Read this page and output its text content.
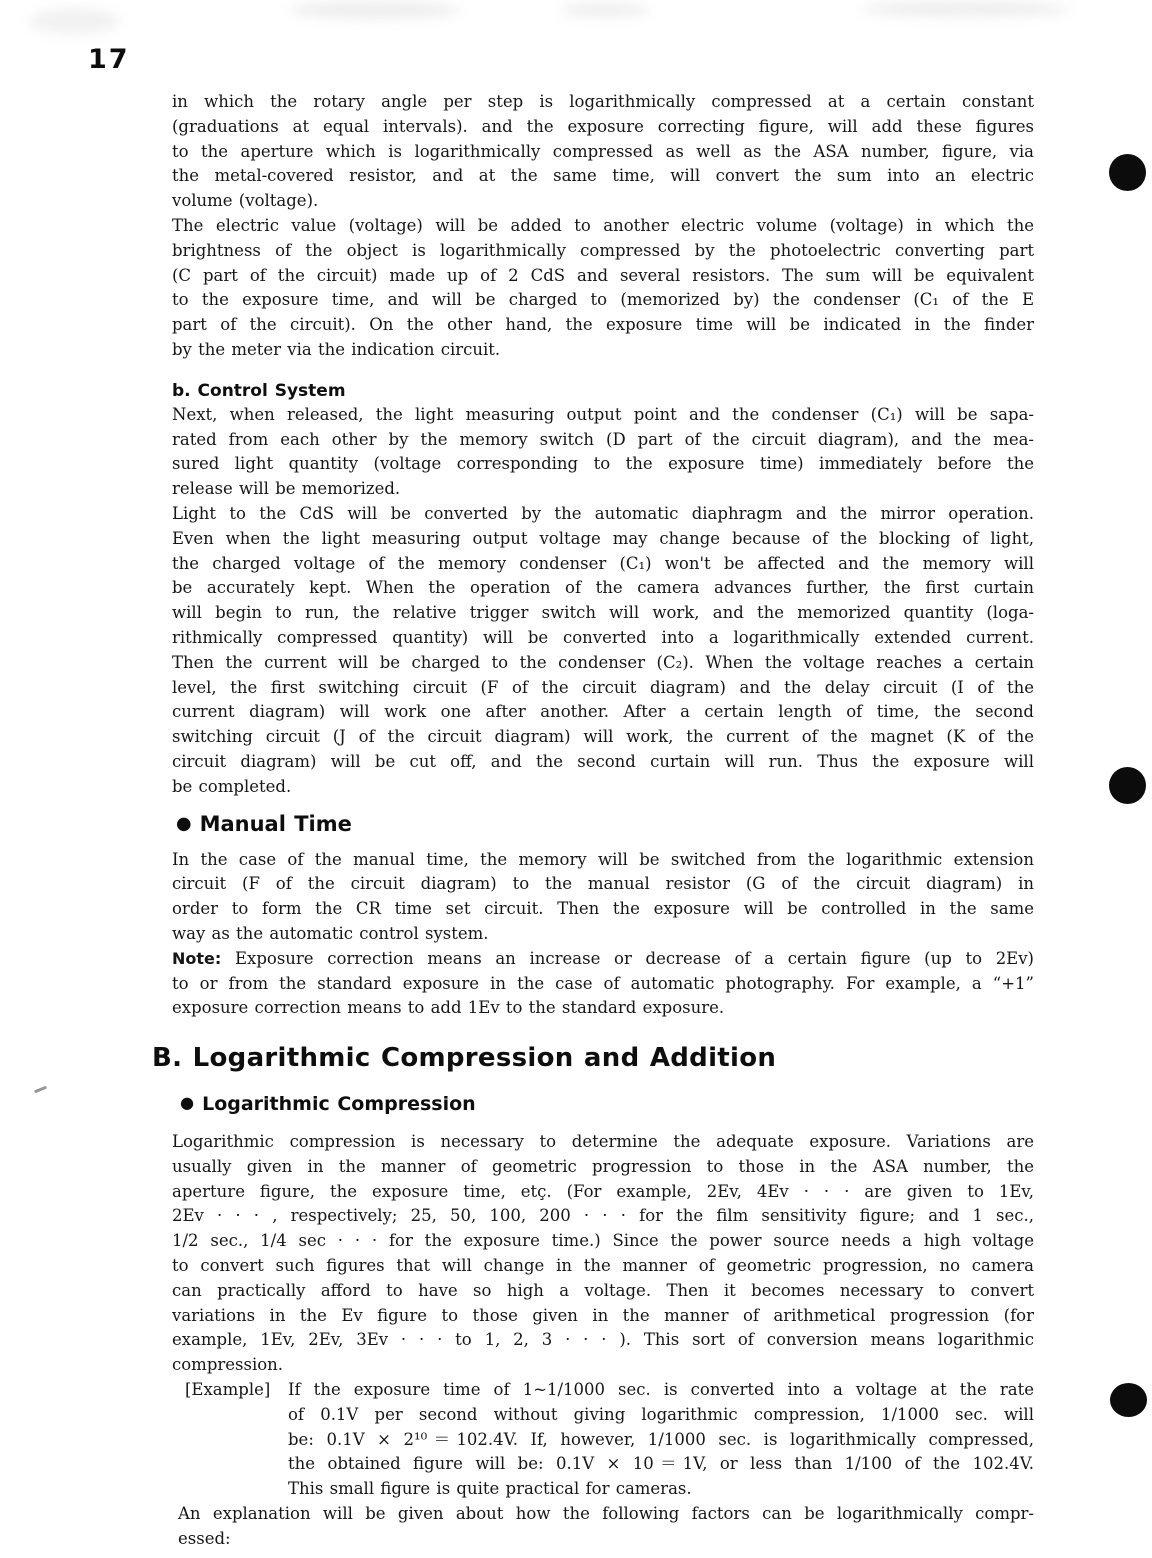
17
in which the rotary angle per step is logarithmically compressed at a certain constant
(graduations at equal intervals). and the exposure correcting figure, will add these figures
to the aperture which is logarithmically compressed as well as the ASA number, figure, via
the metal-covered resistor, and at the same time, will convert the sum into an electric
volume (voltage).
The electric value (voltage) will be added to another electric volume (voltage) in which the
brightness of the object is logarithmically compressed by the photoelectric converting part
(C part of the circuit) made up of 2 CdS and several resistors. The sum will be equivalent
to the exposure time, and will be charged to (memorized by) the condenser (C₁ of the E
part of the circuit). On the other hand, the exposure time will be indicated in the finder
by the meter via the indication circuit.
b. Control System
Next, when released, the light measuring output point and the condenser (C₁) will be sapa-
rated from each other by the memory switch (D part of the circuit diagram), and the mea-
sured light quantity (voltage corresponding to the exposure time) immediately before the
release will be memorized.
Light to the CdS will be converted by the automatic diaphragm and the mirror operation.
Even when the light measuring output voltage may change because of the blocking of light,
the charged voltage of the memory condenser (C₁) won't be affected and the memory will
be accurately kept. When the operation of the camera advances further, the first curtain
will begin to run, the relative trigger switch will work, and the memorized quantity (loga-
rithmically compressed quantity) will be converted into a logarithmically extended current.
Then the current will be charged to the condenser (C₂). When the voltage reaches a certain
level, the first switching circuit (F of the circuit diagram) and the delay circuit (I of the
current diagram) will work one after another. After a certain length of time, the second
switching circuit (J of the circuit diagram) will work, the current of the magnet (K of the
circuit diagram) will be cut off, and the second curtain will run. Thus the exposure will
be completed.
● Manual Time
In the case of the manual time, the memory will be switched from the logarithmic extension
circuit (F of the circuit diagram) to the manual resistor (G of the circuit diagram) in
order to form the CR time set circuit. Then the exposure will be controlled in the same
way as the automatic control system.
Note: Exposure correction means an increase or decrease of a certain figure (up to 2Ev)
to or from the standard exposure in the case of automatic photography. For example, a “+1”
exposure correction means to add 1Ev to the standard exposure.
B. Logarithmic Compression and Addition
● Logarithmic Compression
Logarithmic compression is necessary to determine the adequate exposure. Variations are
usually given in the manner of geometric progression to those in the ASA number, the
aperture figure, the exposure time, etç. (For example, 2Ev, 4Ev · · · are given to 1Ev,
2Ev · · · , respectively; 25, 50, 100, 200 · · · for the film sensitivity figure; and 1 sec.,
1/2 sec., 1/4 sec · · · for the exposure time.) Since the power source needs a high voltage
to convert such figures that will change in the manner of geometric progression, no camera
can practically afford to have so high a voltage. Then it becomes necessary to convert
variations in the Ev figure to those given in the manner of arithmetical progression (for
example, 1Ev, 2Ev, 3Ev · · · to 1, 2, 3 · · · ). This sort of conversion means logarithmic
compression.
[Example] If the exposure time of 1~1/1000 sec. is converted into a voltage at the rate
of 0.1V per second without giving logarithmic compression, 1/1000 sec. will
be: 0.1V × 2¹⁰＝102.4V. If, however, 1/1000 sec. is logarithmically compressed,
the obtained figure will be: 0.1V × 10＝1V, or less than 1/100 of the 102.4V.
This small figure is quite practical for cameras.
An explanation will be given about how the following factors can be logarithmically compr-
essed:
